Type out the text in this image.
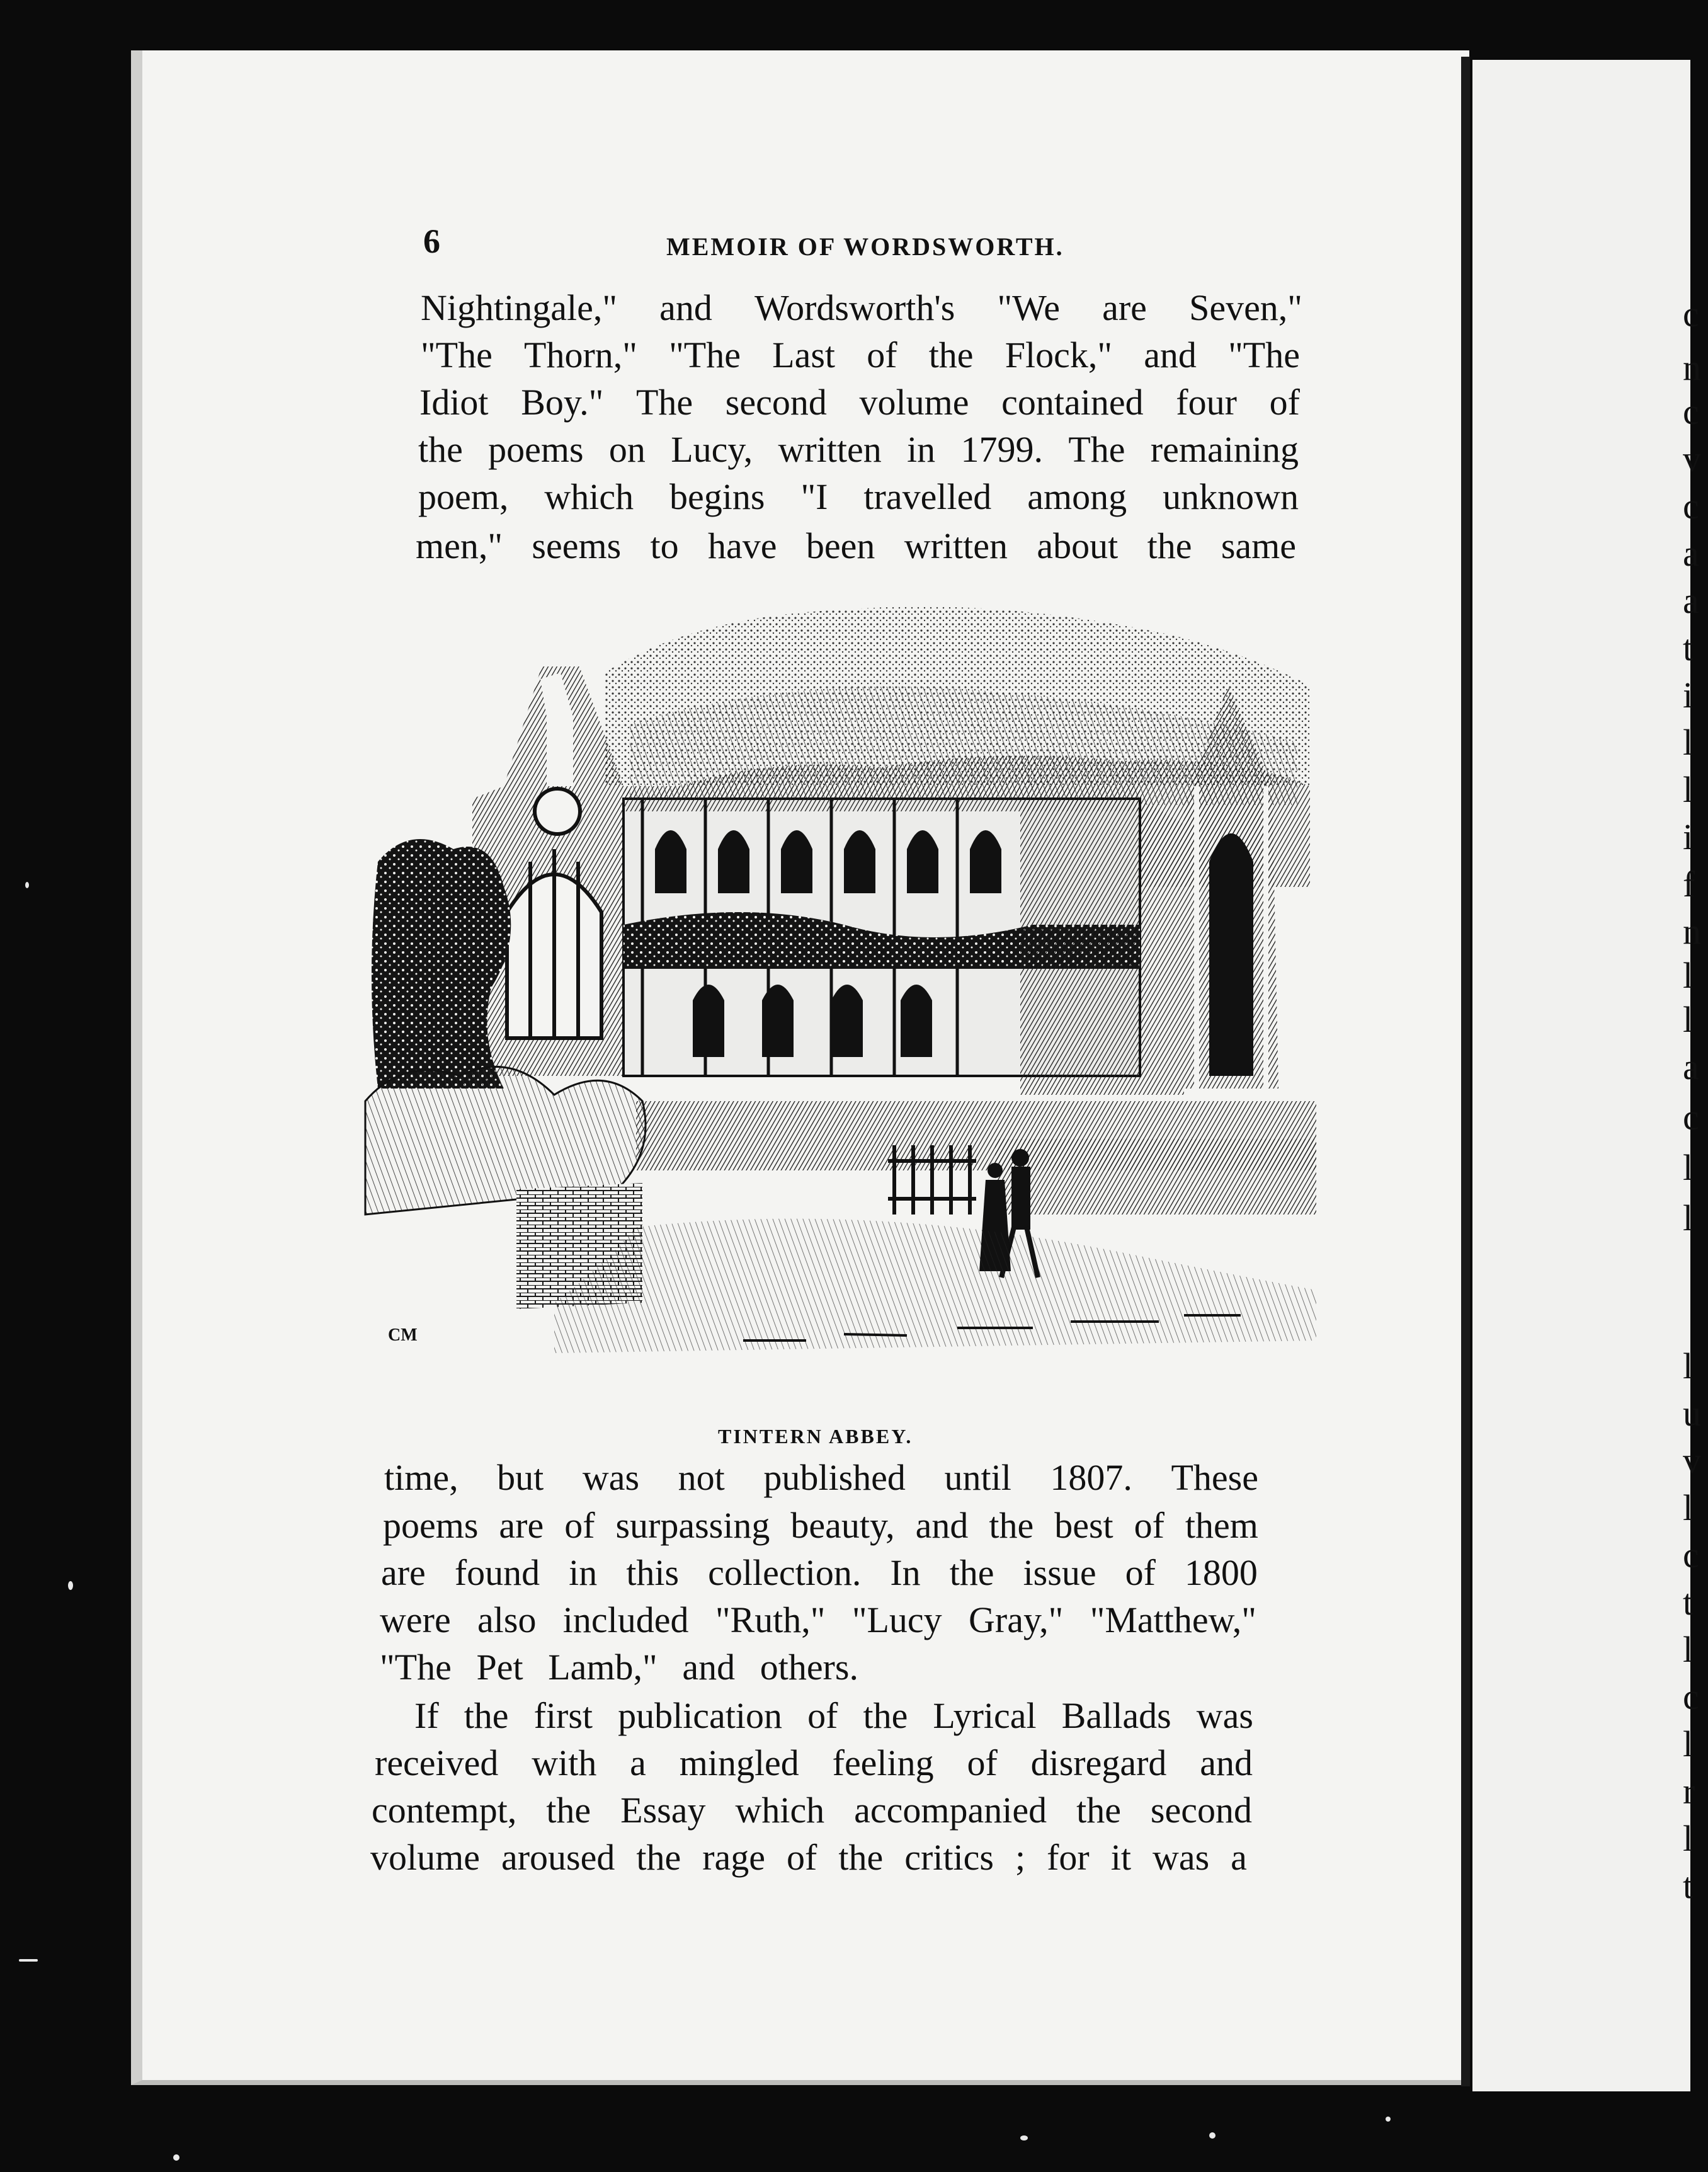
c
n
c
v
c
a
a
t
i
l
l
i
f
n
l
l
a
c
l
l
l
u
v
l
c
t
l
c
l
r
l
t
6	MEMOIR OF WORDSWORTH.
Nightingale," and Wordsworth's "We are Seven,"
"The Thorn," "The Last of the Flock," and "The
Idiot Boy." The second volume contained four of
the poems on Lucy, written in 1799. The remaining
poem, which begins "I travelled among unknown
men," seems to have been written about the same
CM
TINTERN ABBEY.
time, but was not published until 1807. These
poems are of surpassing beauty, and the best of them
are found in this collection. In the issue of 1800
were also included "Ruth," "Lucy Gray," "Matthew,"
"The Pet Lamb," and others.
If the first publication of the Lyrical Ballads was
received with a mingled feeling of disregard and
contempt, the Essay which accompanied the second
volume aroused the rage of the critics ; for it was a
